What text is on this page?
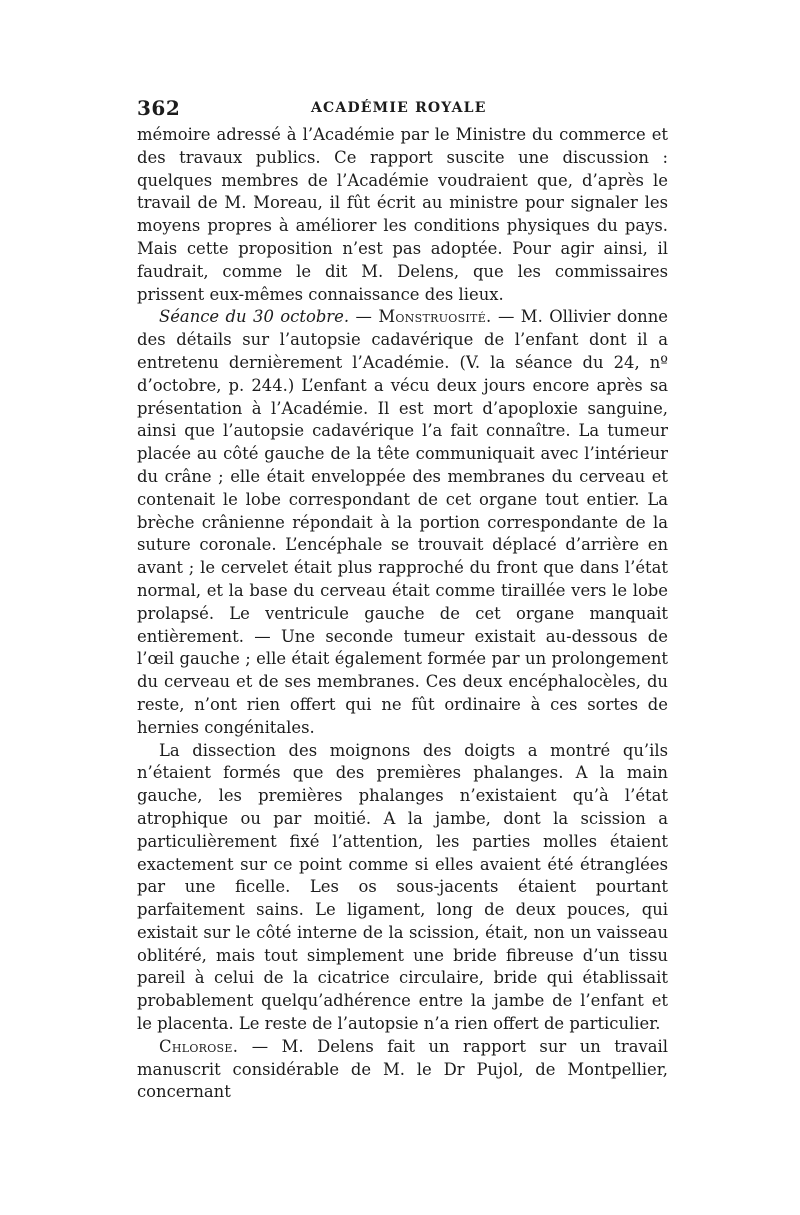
362	ACADÉMIE ROYALE

mémoire adressé à l’Académie par le Ministre du commerce et des travaux publics. Ce rapport suscite une discussion : quelques membres de l’Académie voudraient que, d’après le travail de M. Moreau, il fût écrit au ministre pour signaler les moyens propres à améliorer les conditions physiques du pays. Mais cette proposition n’est pas adoptée. Pour agir ainsi, il faudrait, comme le dit M. Delens, que les commissaires prissent eux-mêmes connaissance des lieux.

Séance du 30 octobre. — Monstruosité. — M. Ollivier donne des détails sur l’autopsie cadavérique de l’enfant dont il a entretenu dernièrement l’Académie. (V. la séance du 24, nº d’octobre, p. 244.) L’enfant a vécu deux jours encore après sa présentation à l’Académie. Il est mort d’apoploxie sanguine, ainsi que l’autopsie cadavérique l’a fait connaître. La tumeur placée au côté gauche de la tête communiquait avec l’intérieur du crâne ; elle était enveloppée des membranes du cerveau et contenait le lobe correspondant de cet organe tout entier. La brèche crânienne répondait à la portion correspondante de la suture coronale. L’encéphale se trouvait déplacé d’arrière en avant ; le cervelet était plus rapproché du front que dans l’état normal, et la base du cerveau était comme tiraillée vers le lobe prolapsé. Le ventricule gauche de cet organe manquait entièrement. — Une seconde tumeur existait au-dessous de l’œil gauche ; elle était également formée par un prolongement du cerveau et de ses membranes. Ces deux encéphalocèles, du reste, n’ont rien offert qui ne fût ordinaire à ces sortes de hernies congénitales.

La dissection des moignons des doigts a montré qu’ils n’étaient formés que des premières phalanges. A la main gauche, les premières phalanges n’existaient qu’à l’état atrophique ou par moitié. A la jambe, dont la scission a particulièrement fixé l’attention, les parties molles étaient exactement sur ce point comme si elles avaient été étranglées par une ficelle. Les os sous-jacents étaient pourtant parfaitement sains. Le ligament, long de deux pouces, qui existait sur le côté interne de la scission, était, non un vaisseau oblitéré, mais tout simplement une bride fibreuse d’un tissu pareil à celui de la cicatrice circulaire, bride qui établissait probablement quelqu’adhérence entre la jambe de l’enfant et le placenta. Le reste de l’autopsie n’a rien offert de particulier.

Chlorose. — M. Delens fait un rapport sur un travail manuscrit considérable de M. le Dr Pujol, de Montpellier, concernant
